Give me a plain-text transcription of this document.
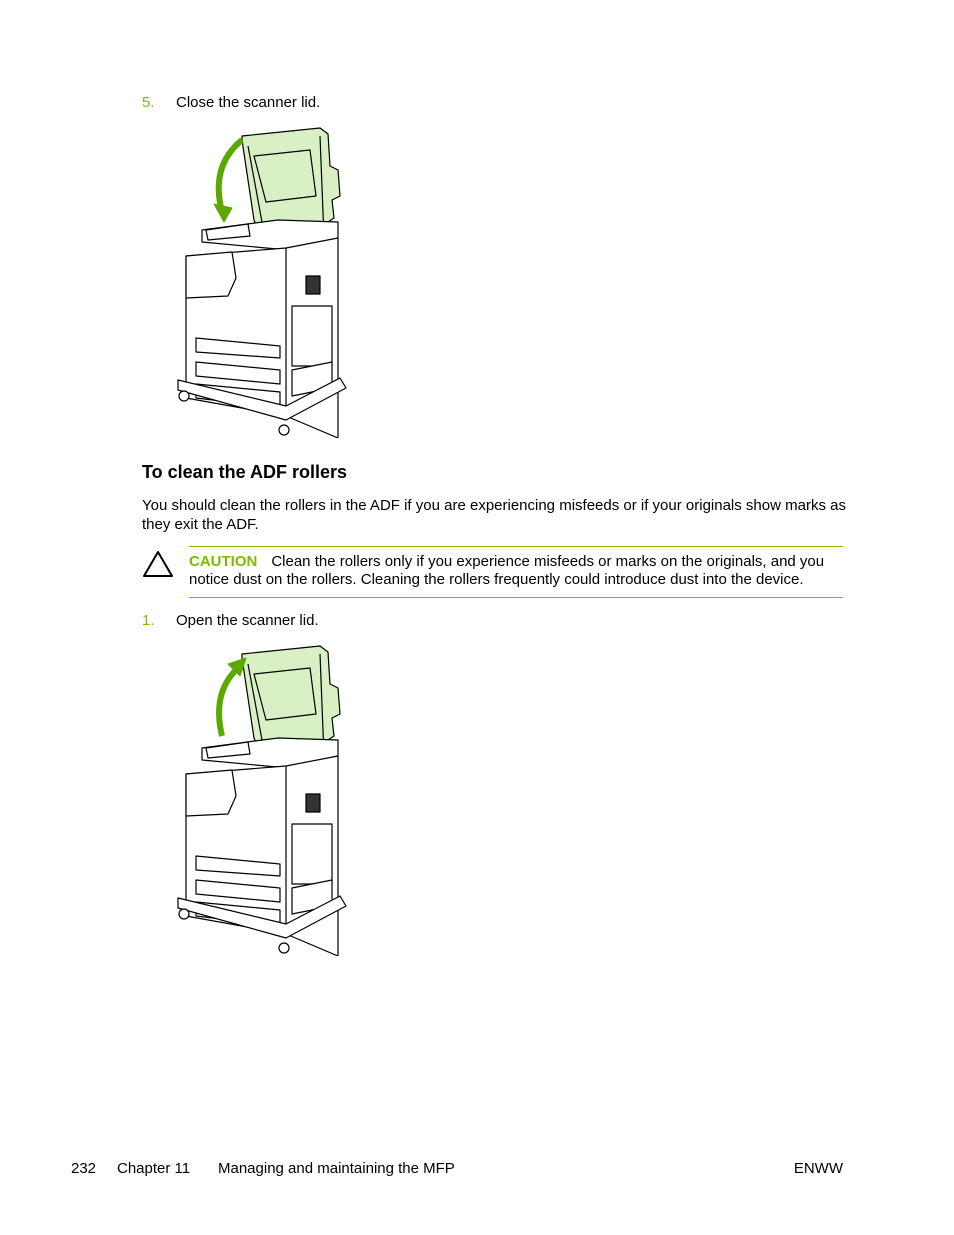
5. Close the scanner lid.
To clean the ADF rollers

You should clean the rollers in the ADF if you are experiencing misfeeds or if your originals show marks as they exit the ADF.

CAUTION Clean the rollers only if you experience misfeeds or marks on the originals, and you notice dust on the rollers. Cleaning the rollers frequently could introduce dust into the device.

1. Open the scanner lid.
232 Chapter 11 Managing and maintaining the MFP	ENWW
